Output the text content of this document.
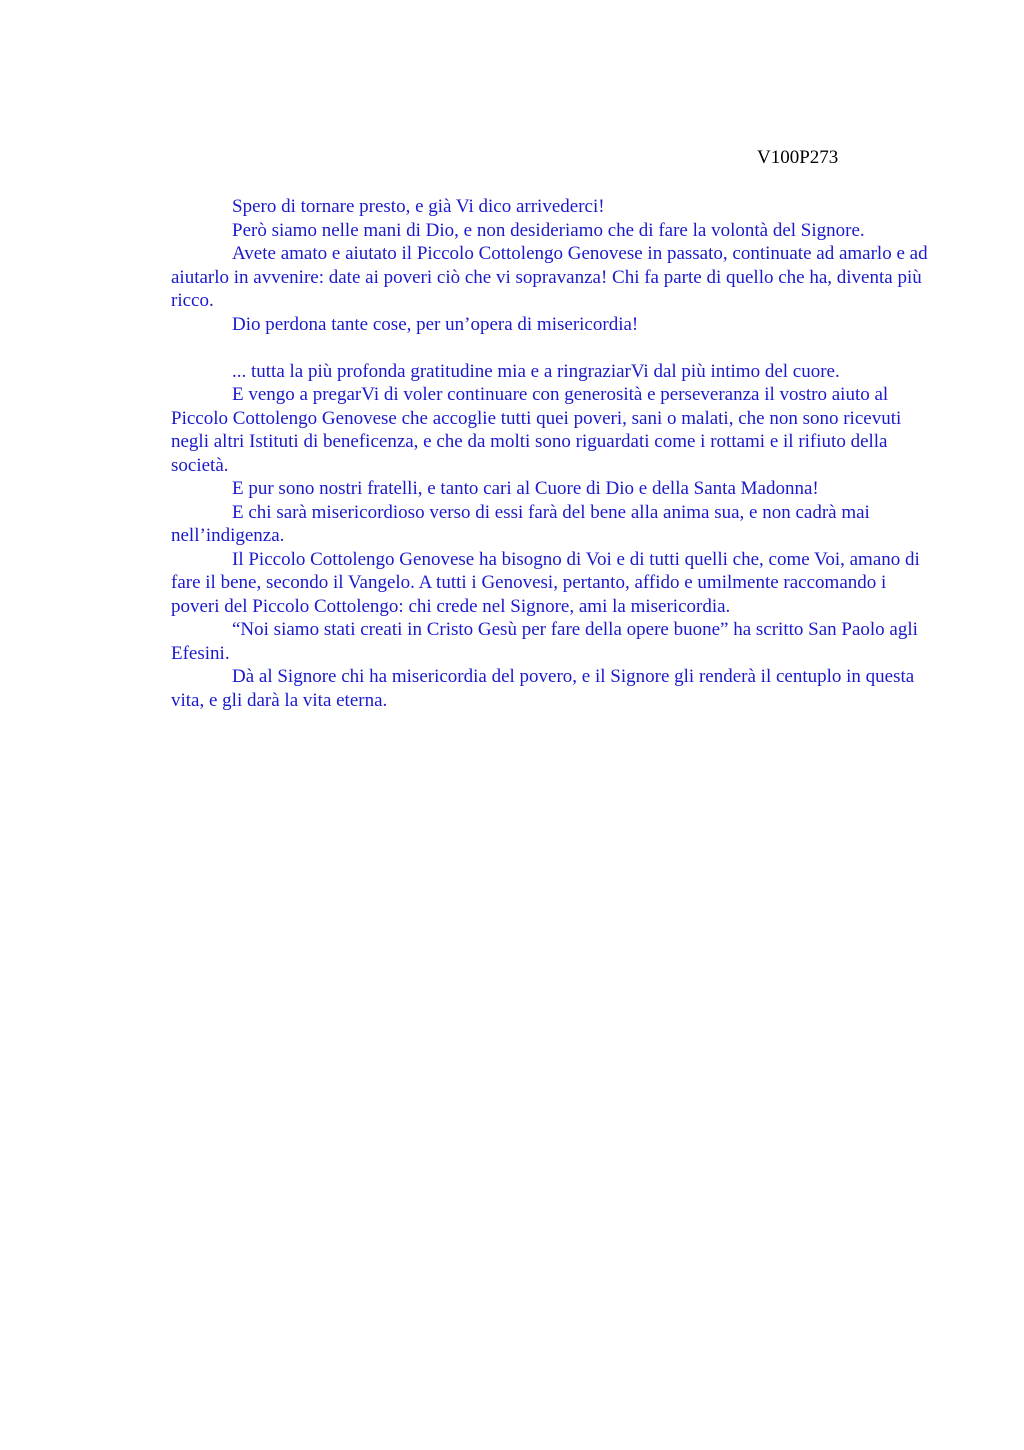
V100P273

Spero di tornare presto, e già Vi dico arrivederci!

Però siamo nelle mani di Dio, e non desideriamo che di fare la volontà del Signore.

Avete amato e aiutato il Piccolo Cottolengo Genovese in passato, continuate ad amarlo e ad aiutarlo in avvenire: date ai poveri ciò che vi sopravanza! Chi fa parte di quello che ha, diventa più ricco.

Dio perdona tante cose, per un’opera di misericordia!

... tutta la più profonda gratitudine mia e a ringraziarVi dal più intimo del cuore.

E vengo a pregarVi di voler continuare con generosità e perseveranza il vostro aiuto al Piccolo Cottolengo Genovese che accoglie tutti quei poveri, sani o malati, che non sono ricevuti negli altri Istituti di beneficenza, e che da molti sono riguardati come i rottami e il rifiuto della società.

E pur sono nostri fratelli, e tanto cari al Cuore di Dio e della Santa Madonna!

E chi sarà misericordioso verso di essi farà del bene alla anima sua, e non cadrà mai nell’indigenza.

Il Piccolo Cottolengo Genovese ha bisogno di Voi e di tutti quelli che, come Voi, amano di fare il bene, secondo il Vangelo. A tutti i Genovesi, pertanto, affido e umilmente raccomando i poveri del Piccolo Cottolengo: chi crede nel Signore, ami la misericordia.

“Noi siamo stati creati in Cristo Gesù per fare della opere buone” ha scritto San Paolo agli Efesini.

Dà al Signore chi ha misericordia del povero, e il Signore gli renderà il centuplo in questa vita, e gli darà la vita eterna.
